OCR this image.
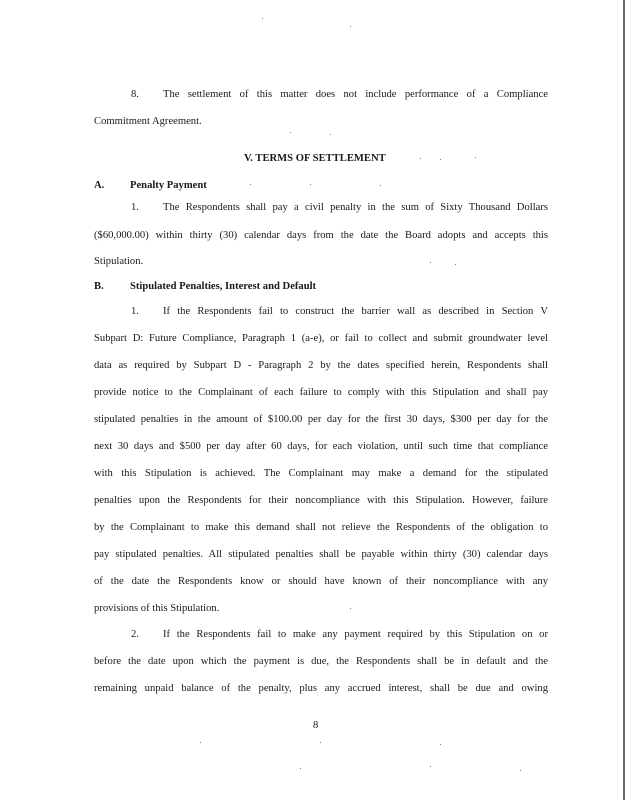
8. The settlement of this matter does not include performance of a Compliance
Commitment Agreement.
V. TERMS OF SETTLEMENT
A. Penalty Payment
1. The Respondents shall pay a civil penalty in the sum of Sixty Thousand Dollars
($60,000.00) within thirty (30) calendar days from the date the Board adopts and accepts this
Stipulation.
B. Stipulated Penalties, Interest and Default
1. If the Respondents fail to construct the barrier wall as described in Section V
Subpart D: Future Compliance, Paragraph 1 (a-e), or fail to collect and submit groundwater level
data as required by Subpart D - Paragraph 2 by the dates specified herein, Respondents shall
provide notice to the Complainant of each failure to comply with this Stipulation and shall pay
stipulated penalties in the amount of $100.00 per day for the first 30 days, $300 per day for the
next 30 days and $500 per day after 60 days, for each violation, until such time that compliance
with this Stipulation is achieved. The Complainant may make a demand for the stipulated
penalties upon the Respondents for their noncompliance with this Stipulation. However, failure
by the Complainant to make this demand shall not relieve the Respondents of the obligation to
pay stipulated penalties. All stipulated penalties shall be payable within thirty (30) calendar days
of the date the Respondents know or should have known of their noncompliance with any
provisions of this Stipulation.
2. If the Respondents fail to make any payment required by this Stipulation on or
before the date upon which the payment is due, the Respondents shall be in default and the
remaining unpaid balance of the penalty, plus any accrued interest, shall be due and owing
8
